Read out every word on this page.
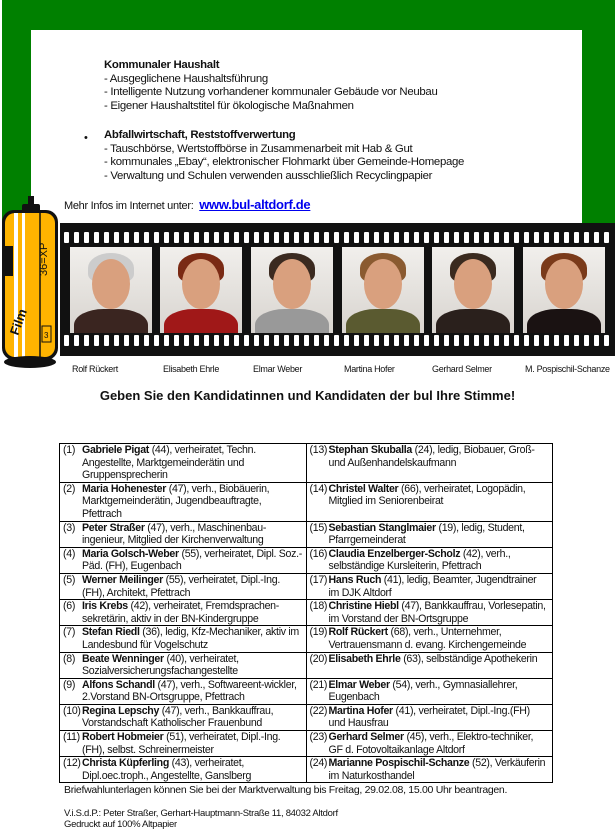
Kommunaler Haushalt
- Ausgeglichene Haushaltsführung
- Intelligente Nutzung vorhandener kommunaler Gebäude vor Neubau
- Eigener Haushaltstitel für ökologische Maßnahmen
• Abfallwirtschaft, Reststoffverwertung
- Tauschbörse, Wertstoffbörse in Zusammenarbeit mit Hab & Gut
- kommunales „Ebay“, elektronischer Flohmarkt über Gemeinde-Homepage
- Verwaltung und Schulen verwenden ausschließlich Recyclingpapier
Mehr Infos im Internet unter: www.bul-altdorf.de
36=XP
Film 3
Rolf Rückert	Elisabeth Ehrle	Elmar Weber	Martina Hofer	Gerhard Selmer	M. Pospischil-Schanze
Geben Sie den Kandidatinnen und Kandidaten der bul Ihre Stimme!
(1) Gabriele Pigat (44), verheiratet, Techn. Angestellte, Marktgemeinderätin und Gruppensprecherin	(13) Stephan Skuballa (24), ledig, Biobauer, Groß- und Außenhandelskaufmann

(2) Maria Hohenester (47), verh., Biobäuerin, Marktgemeinderätin, Jugendbeauftragte, Pfettrach	(14) Christel Walter (66), verheiratet, Logopädin, Mitglied im Seniorenbeirat

(3) Peter Straßer (47), verh., Maschinenbau-ingenieur, Mitglied der Kirchenverwaltung	(15) Sebastian Stanglmaier (19), ledig, Student, Pfarrgemeinderat

(4) Maria Golsch-Weber (55), verheiratet, Dipl. Soz.-Päd. (FH), Eugenbach	(16) Claudia Enzelberger-Scholz (42), verh., selbständige Kursleiterin, Pfettrach

(5) Werner Meilinger (55), verheiratet, Dipl.-Ing.(FH), Architekt, Pfettrach	(17) Hans Ruch (41), ledig, Beamter, Jugendtrainer im DJK Altdorf

(6) Iris Krebs (42), verheiratet, Fremdsprachen-sekretärin, aktiv in der BN-Kindergruppe	(18) Christine Hiebl (47), Bankkauffrau, Vorlesepatin, im Vorstand der BN-Ortsgruppe

(7) Stefan Riedl (36), ledig, Kfz-Mechaniker, aktiv im Landesbund für Vogelschutz	(19) Rolf Rückert (68), verh., Unternehmer, Vertrauensmann d. evang. Kirchengemeinde

(8) Beate Wenninger (40), verheiratet, Sozialversicherungsfachangestellte	(20) Elisabeth Ehrle (63), selbständige Apothekerin

(9) Alfons Schandl (47), verh., Softwareent-wickler, 2.Vorstand BN-Ortsgruppe, Pfettrach	(21) Elmar Weber (54), verh., Gymnasiallehrer, Eugenbach

(10) Regina Lepschy (47), verh., Bankkauffrau, Vorstandschaft Katholischer Frauenbund	(22) Martina Hofer (41), verheiratet, Dipl.-Ing.(FH) und Hausfrau

(11) Robert Hobmeier (51), verheiratet, Dipl.-Ing.(FH), selbst. Schreinermeister	(23) Gerhard Selmer (45), verh., Elektro-techniker, GF d. Fotovoltaikanlage Altdorf

(12) Christa Küpferling (43), verheiratet, Dipl.oec.troph., Angestellte, Ganslberg	(24) Marianne Pospischil-Schanze (52), Verkäuferin im Naturkosthandel
Briefwahlunterlagen können Sie bei der Marktverwaltung bis Freitag, 29.02.08, 15.00 Uhr beantragen.
V.i.S.d.P.: Peter Straßer, Gerhart-Hauptmann-Straße 11, 84032 Altdorf
Gedruckt auf 100% Altpapier
